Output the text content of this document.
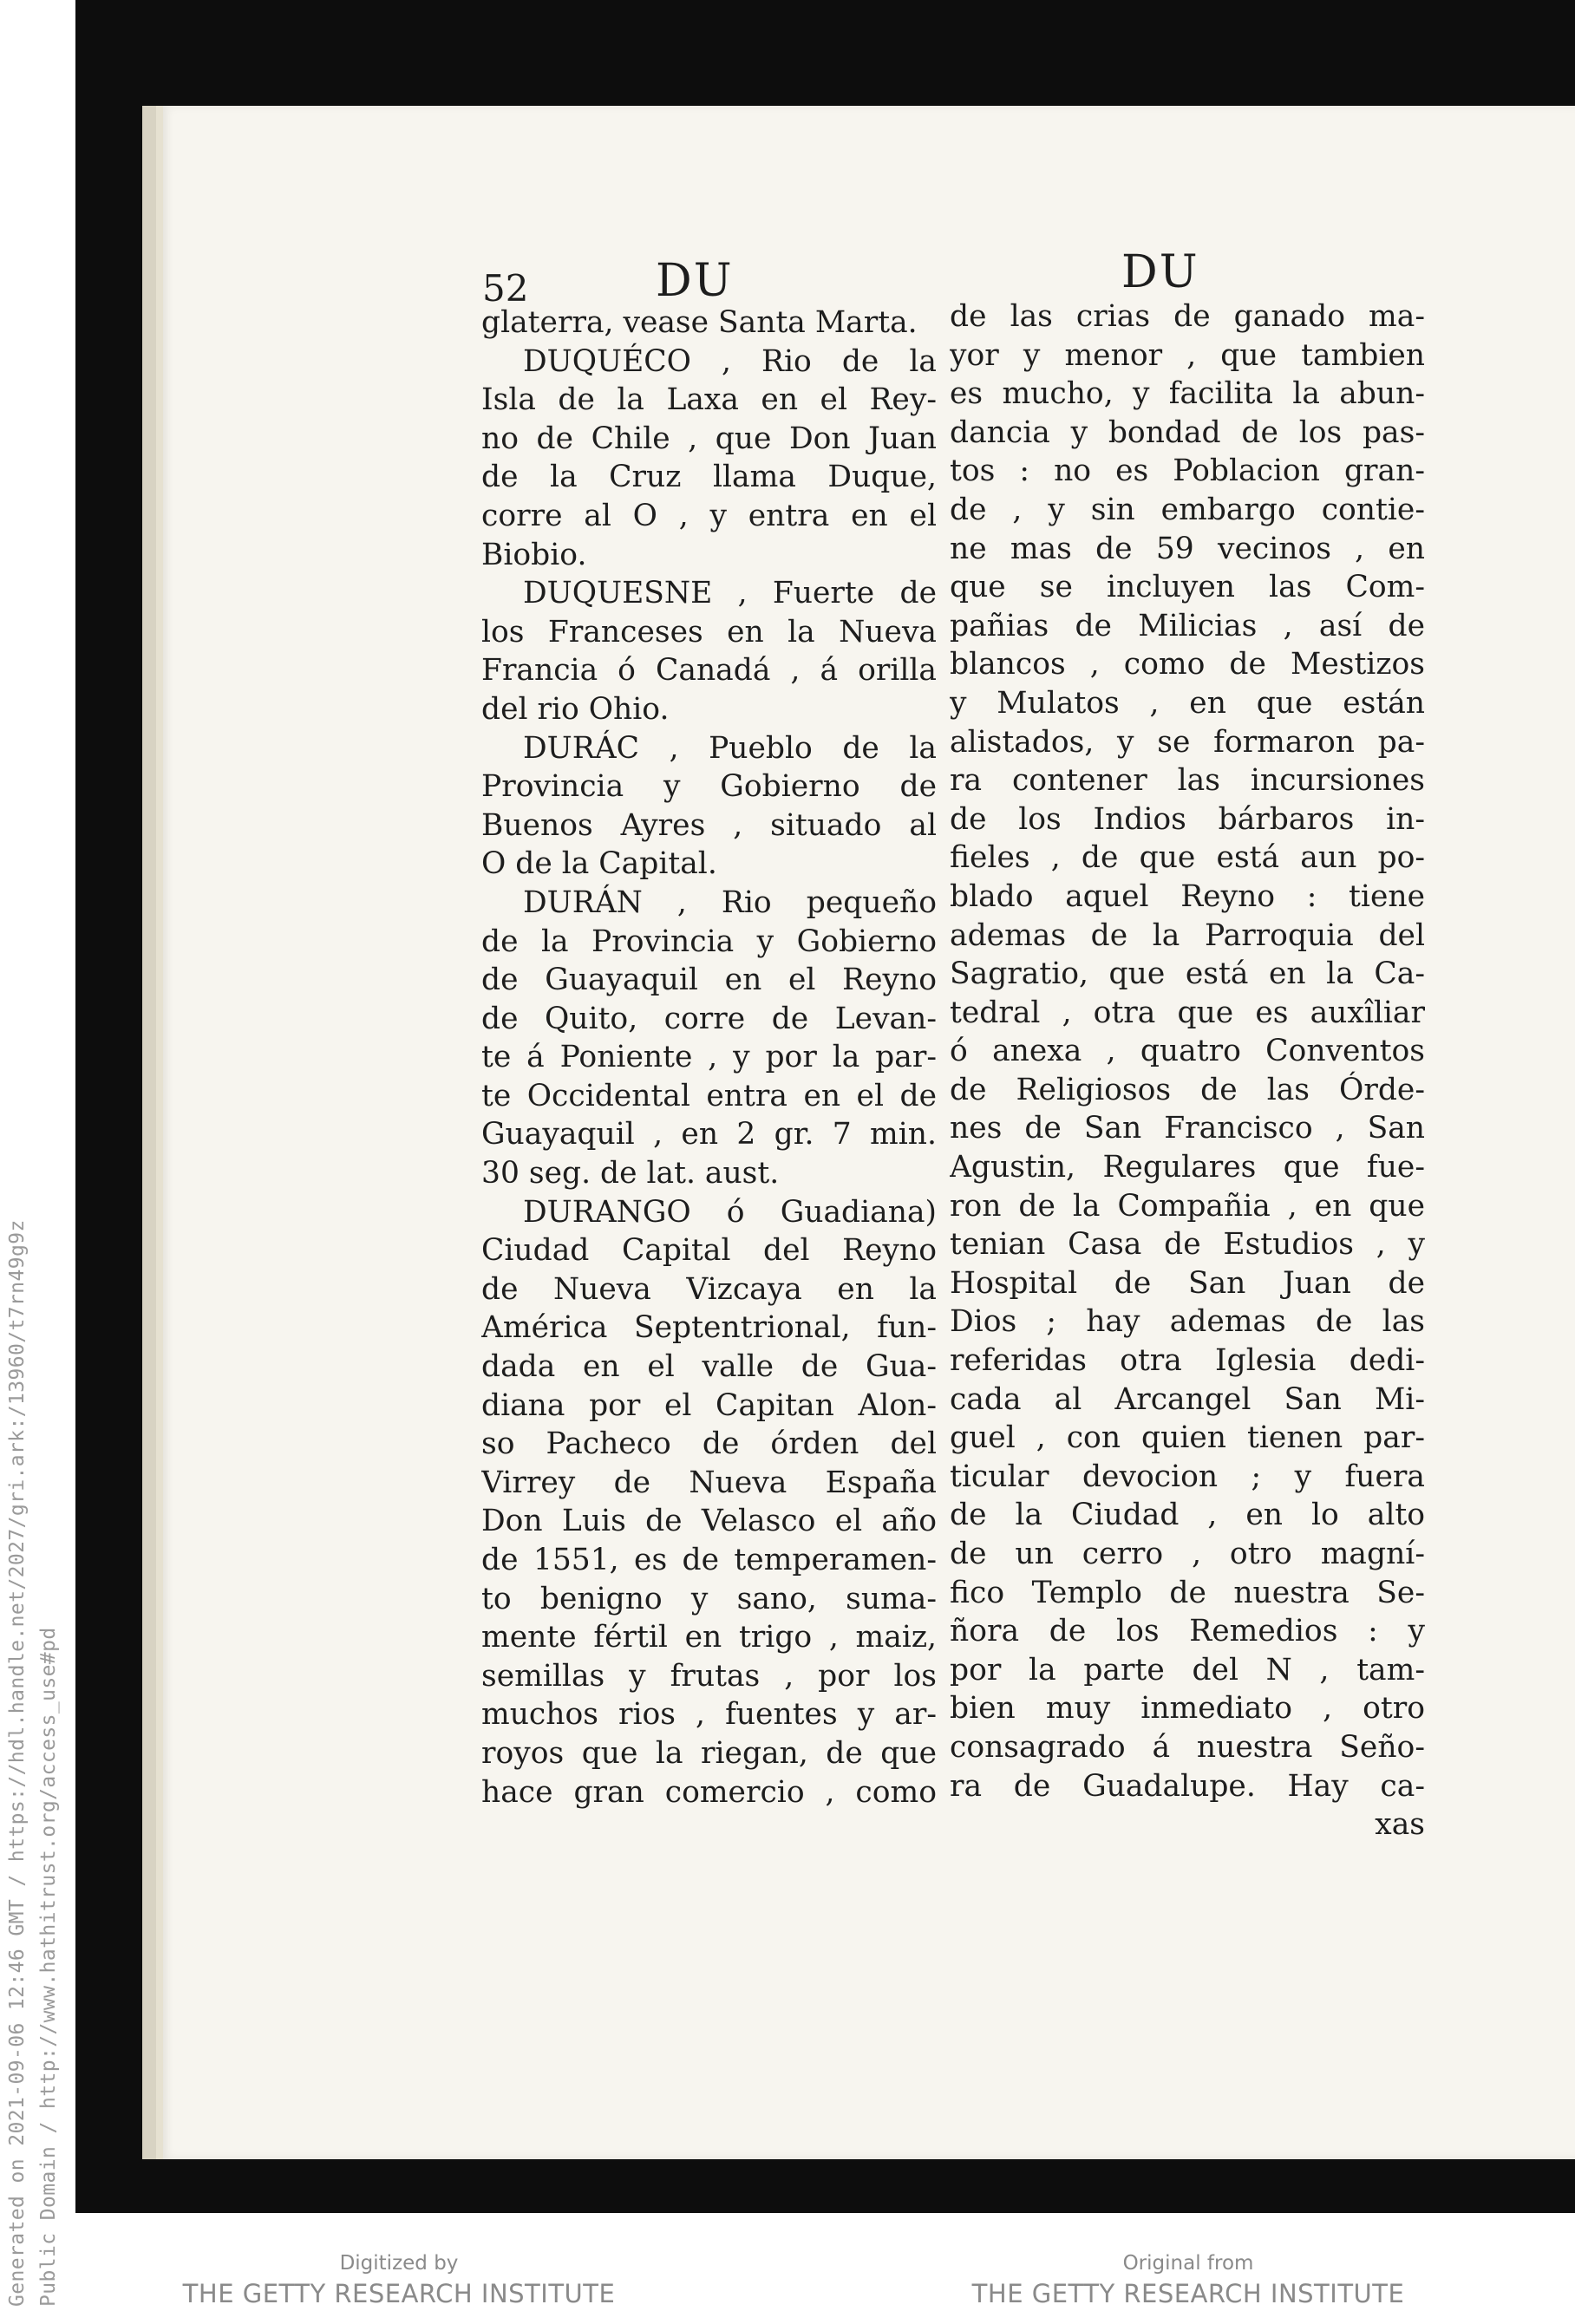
Generated on 2021-09-06 12:46 GMT / https://hdl.handle.net/2027/gri.ark:/13960/t7rn49g9z Public Domain / http://www.hathitrust.org/access_use#pd
52	DU	DU
glaterra, vease Santa Marta.
DUQUÉCO , Rio de la
Isla de la Laxa en el Rey-
no de Chile , que Don Juan
de la Cruz llama Duque,
corre al O , y entra en el
Biobio.
DUQUESNE , Fuerte de
los Franceses en la Nueva
Francia ó Canadá , á orilla
del rio Ohio.
DURÁC , Pueblo de la
Provincia y Gobierno de
Buenos Ayres , situado al
O de la Capital.
DURÁN , Rio pequeño
de la Provincia y Gobierno
de Guayaquil en el Reyno
de Quito, corre de Levan-
te á Poniente , y por la par-
te Occidental entra en el de
Guayaquil , en 2 gr. 7 min.
30 seg. de lat. aust.
DURANGO ó Guadiana)
Ciudad Capital del Reyno
de Nueva Vizcaya en la
América Septentrional, fun-
dada en el valle de Gua-
diana por el Capitan Alon-
so Pacheco de órden del
Virrey de Nueva España
Don Luis de Velasco el año
de 1551, es de temperamen-
to benigno y sano, suma-
mente fértil en trigo , maiz,
semillas y frutas , por los
muchos rios , fuentes y ar-
royos que la riegan, de que
hace gran comercio , como
de las crias de ganado ma-
yor y menor , que tambien
es mucho, y facilita la abun-
dancia y bondad de los pas-
tos : no es Poblacion gran-
de , y sin embargo contie-
ne mas de 59 vecinos , en
que se incluyen las Com-
pañias de Milicias , así de
blancos , como de Mestizos
y Mulatos , en que están
alistados, y se formaron pa-
ra contener las incursiones
de los Indios bárbaros in-
fieles , de que está aun po-
blado aquel Reyno : tiene
ademas de la Parroquia del
Sagratio, que está en la Ca-
tedral , otra que es auxîliar
ó anexa , quatro Conventos
de Religiosos de las Órde-
nes de San Francisco , San
Agustin, Regulares que fue-
ron de la Compañia , en que
tenian Casa de Estudios , y
Hospital de San Juan de
Dios ; hay ademas de las
referidas otra Iglesia dedi-
cada al Arcangel San Mi-
guel , con quien tienen par-
ticular devocion ; y fuera
de la Ciudad , en lo alto
de un cerro , otro magní-
fico Templo de nuestra Se-
ñora de los Remedios : y
por la parte del N , tam-
bien muy inmediato , otro
consagrado á nuestra Seño-
ra de Guadalupe. Hay ca-
xas
Digitized by
THE GETTY RESEARCH INSTITUTE
Original from
THE GETTY RESEARCH INSTITUTE
